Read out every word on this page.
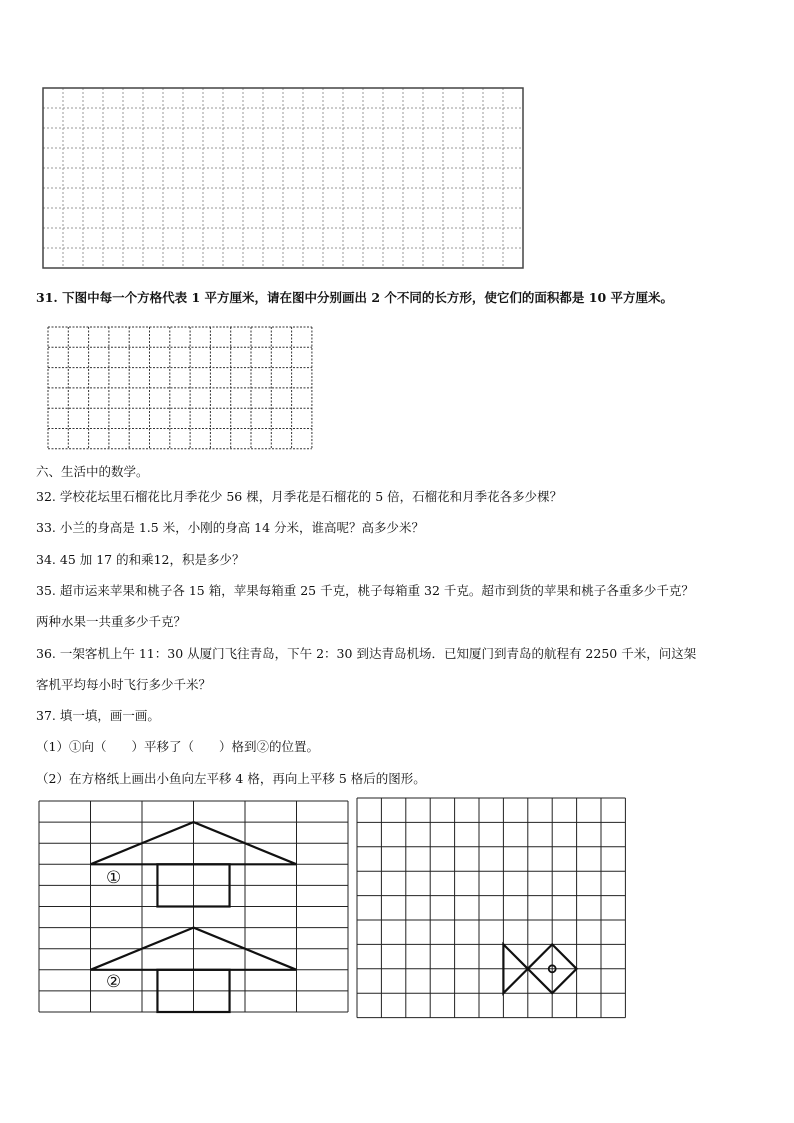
31. 下图中每一个方格代表 1 平方厘米，请在图中分别画出 2 个不同的长方形，使它们的面积都是 10 平方厘米。
六、生活中的数学。
32. 学校花坛里石榴花比月季花少 56 棵，月季花是石榴花的 5 倍，石榴花和月季花各多少棵？
33. 小兰的身高是 1.5 米，小刚的身高 14 分米，谁高呢？高多少米？
34. 45 加 17 的和乘12，积是多少？
35. 超市运来苹果和桃子各 15 箱，苹果每箱重 25 千克，桃子每箱重 32 千克。超市到货的苹果和桃子各重多少千克？
两种水果一共重多少千克？
36. 一架客机上午 11：30 从厦门飞往青岛，下午 2：30 到达青岛机场．已知厦门到青岛的航程有 2250 千米，问这架
客机平均每小时飞行多少千米？
37. 填一填，画一画。
（1）①向（　　）平移了（　　）格到②的位置。
（2）在方格纸上画出小鱼向左平移 4 格，再向上平移 5 格后的图形。
①
②
